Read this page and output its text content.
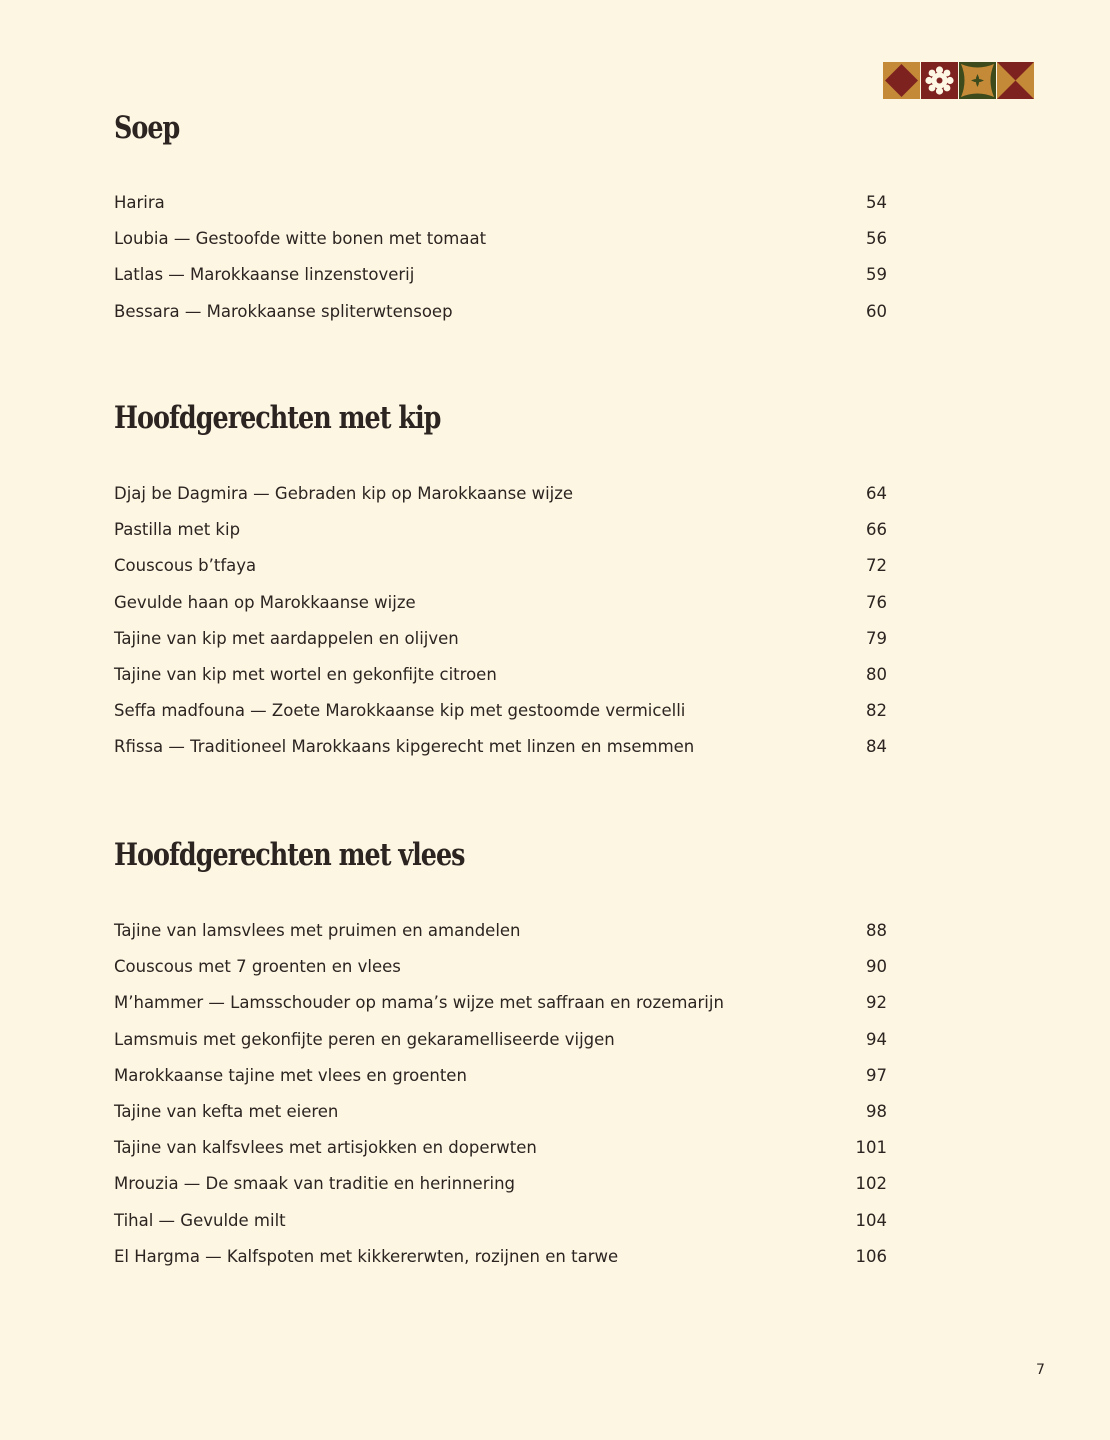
Soep
Harira	54
Loubia — Gestoofde witte bonen met tomaat	56
Latlas — Marokkaanse linzenstoverij	59
Bessara — Marokkaanse spliterwtensoep	60
Hoofdgerechten met kip
Djaj be Dagmira — Gebraden kip op Marokkaanse wijze	64
Pastilla met kip	66
Couscous b’tfaya	72
Gevulde haan op Marokkaanse wijze	76
Tajine van kip met aardappelen en olijven	79
Tajine van kip met wortel en gekonfijte citroen	80
Seffa madfouna — Zoete Marokkaanse kip met gestoomde vermicelli	82
Rfissa — Traditioneel Marokkaans kipgerecht met linzen en msemmen	84
Hoofdgerechten met vlees
Tajine van lamsvlees met pruimen en amandelen	88
Couscous met 7 groenten en vlees	90
M’hammer — Lamsschouder op mama’s wijze met saffraan en rozemarijn	92
Lamsmuis met gekonfijte peren en gekaramelliseerde vijgen	94
Marokkaanse tajine met vlees en groenten	97
Tajine van kefta met eieren	98
Tajine van kalfsvlees met artisjokken en doperwten	101
Mrouzia — De smaak van traditie en herinnering	102
Tihal — Gevulde milt	104
El Hargma — Kalfspoten met kikkererwten, rozijnen en tarwe	106
7
